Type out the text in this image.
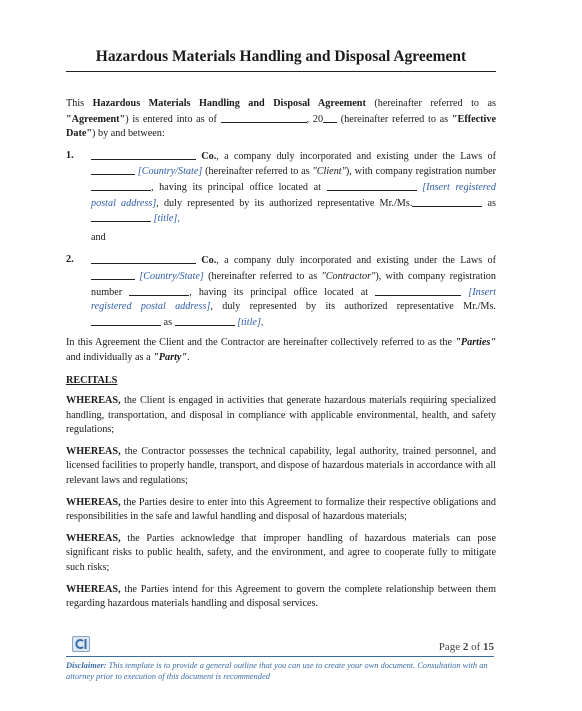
Hazardous Materials Handling and Disposal Agreement

This Hazardous Materials Handling and Disposal Agreement (hereinafter referred to as "Agreement") is entered into as of	, 20 (hereinafter referred to as "Effective Date") by and between:

1.	Co., a company duly incorporated and existing under the Laws of  [Country/State] (hereinafter referred to as "Client"), with company registration number , having its principal office located at	[Insert registered postal address], duly represented by its authorized representative Mr./Ms.	as  [title],
and
2.	Co., a company duly incorporated and existing under the Laws of  [Country/State] (hereinafter referred to as "Contractor"), with company registration number	, having its principal office located at	[Insert registered postal address], duly represented by its authorized representative Mr./Ms. as	[title],

In this Agreement the Client and the Contractor are hereinafter collectively referred to as the "Parties" and individually as a "Party".

RECITALS

WHEREAS, the Client is engaged in activities that generate hazardous materials requiring specialized handling, transportation, and disposal in compliance with applicable environmental, health, and safety regulations;

WHEREAS, the Contractor possesses the technical capability, legal authority, trained personnel, and licensed facilities to properly handle, transport, and dispose of hazardous materials in accordance with all relevant laws and regulations;

WHEREAS, the Parties desire to enter into this Agreement to formalize their respective obligations and responsibilities in the safe and lawful handling and disposal of hazardous materials;

WHEREAS, the Parties acknowledge that improper handling of hazardous materials can pose significant risks to public health, safety, and the environment, and agree to cooperate fully to mitigate such risks;

WHEREAS, the Parties intend for this Agreement to govern the complete relationship between them regarding hazardous materials handling and disposal services.

Page 2 of 15
Disclaimer: This template is to provide a general outline that you can use to create your own document. Consultation with an attorney prior to execution of this document is recommended
